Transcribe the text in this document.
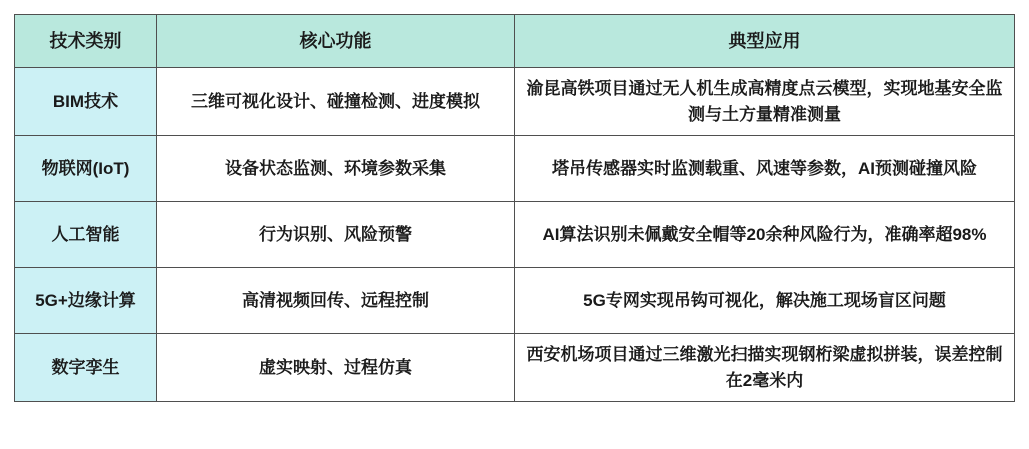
技术类别	核心功能	典型应用
BIM技术	三维可视化设计、碰撞检测、进度模拟	渝昆高铁项目通过无人机生成高精度点云模型，实现地基安全监测与土方量精准测量
物联网(IoT)	设备状态监测、环境参数采集	塔吊传感器实时监测载重、风速等参数，AI预测碰撞风险
人工智能	行为识别、风险预警	AI算法识别未佩戴安全帽等20余种风险行为，准确率超98%
5G+边缘计算	高清视频回传、远程控制	5G专网实现吊钩可视化，解决施工现场盲区问题
数字孪生	虚实映射、过程仿真	西安机场项目通过三维激光扫描实现钢桁梁虚拟拼装，误差控制在2毫米内
